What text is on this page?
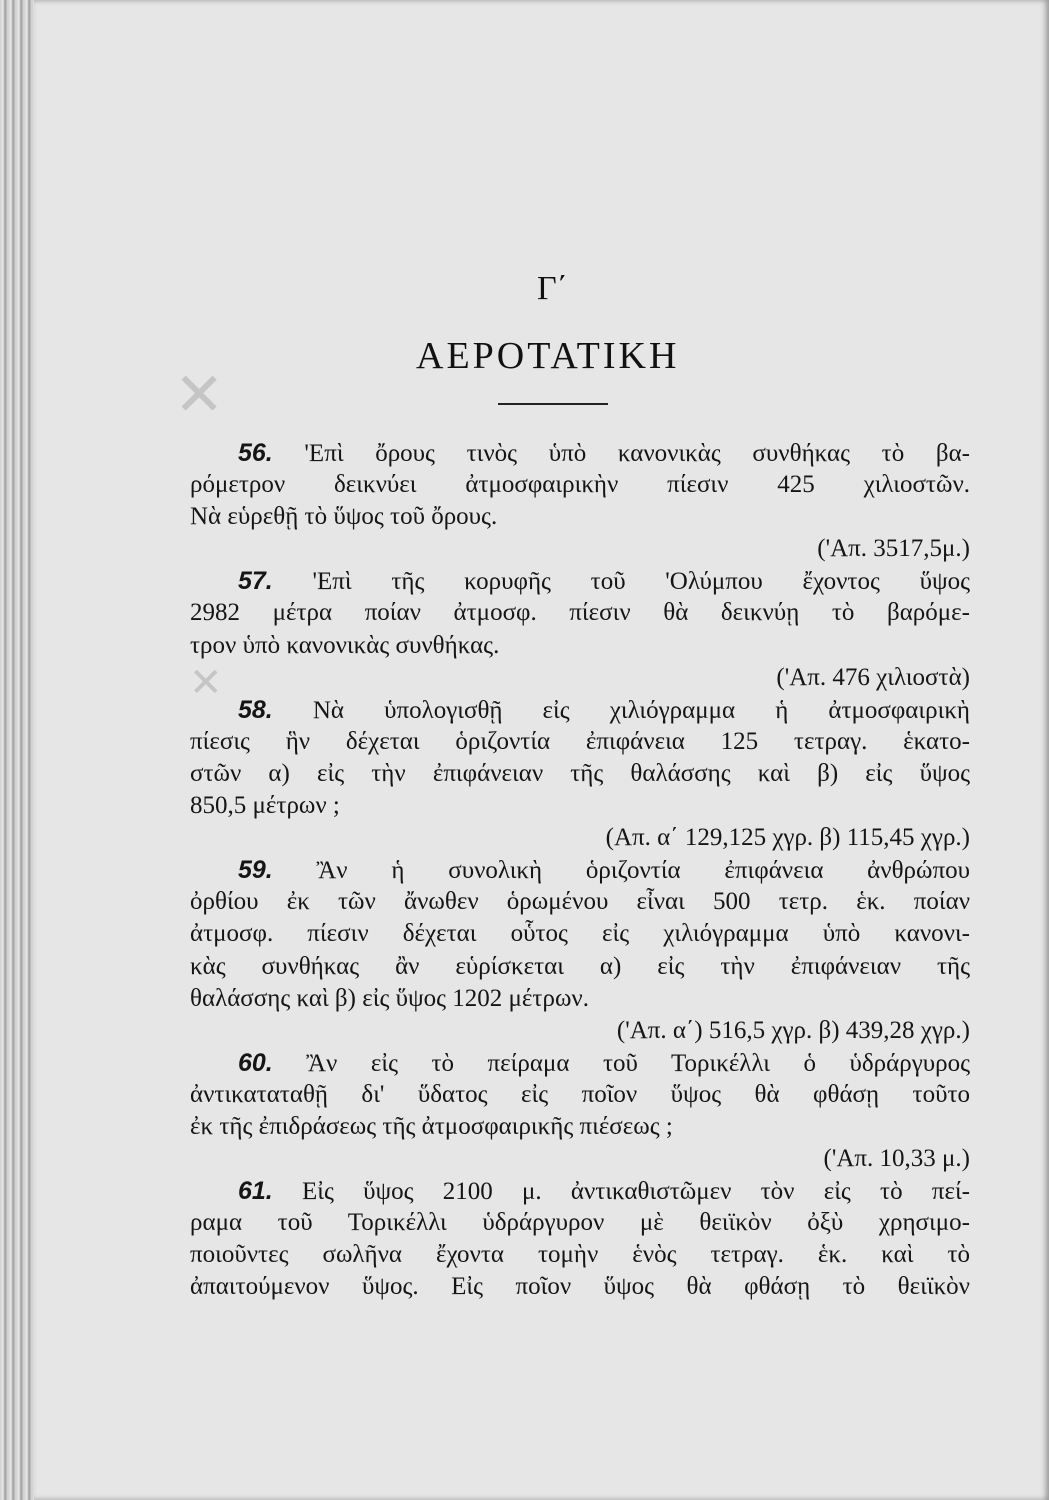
✕
✕
Γ΄
ΑΕΡΟΤΑΤΙΚΗ
56. 'Επὶ ὄρους τινὸς ὑπὸ κανονικὰς συνθήκας τὸ βα-
ρόμετρον δεικνύει ἀτμοσφαιρικὴν πίεσιν 425 χιλιοστῶν.
Νὰ εὑρεθῇ τὸ ὕψος τοῦ ὄρους.
('Απ. 3517,5μ.)
57. 'Επὶ τῆς κορυφῆς τοῦ 'Ολύμπου ἔχοντος ὕψος
2982 μέτρα ποίαν ἀτμοσφ. πίεσιν θὰ δεικνύῃ τὸ βαρόμε-
τρον ὑπὸ κανονικὰς συνθήκας.
('Απ. 476 χιλιοστὰ)
58. Νὰ ὑπολογισθῇ εἰς χιλιόγραμμα ἡ ἀτμοσφαιρικὴ
πίεσις ἣν δέχεται ὁριζοντία ἐπιφάνεια 125 τετραγ. ἑκατο-
στῶν α) εἰς τὴν ἐπιφάνειαν τῆς θαλάσσης καὶ β) εἰς ὕψος
850,5 μέτρων ;
(Απ. α΄ 129,125 χγρ. β) 115,45 χγρ.)
59. Ἂν ἡ συνολικὴ ὁριζοντία ἐπιφάνεια ἀνθρώπου
ὀρθίου ἐκ τῶν ἄνωθεν ὁρωμένου εἶναι 500 τετρ. ἑκ. ποίαν
ἀτμοσφ. πίεσιν δέχεται οὗτος εἰς χιλιόγραμμα ὑπὸ κανονι-
κὰς συνθήκας ἂν εὑρίσκεται α) εἰς τὴν ἐπιφάνειαν τῆς
θαλάσσης καὶ β) εἰς ὕψος 1202 μέτρων.
('Απ. α΄) 516,5 χγρ. β) 439,28 χγρ.)
60. Ἂν εἰς τὸ πείραμα τοῦ Τορικέλλι ὁ ὑδράργυρος
ἀντικαταταθῇ δι' ὕδατος εἰς ποῖον ὕψος θὰ φθάσῃ τοῦτο
ἐκ τῆς ἐπιδράσεως τῆς ἀτμοσφαιρικῆς πιέσεως ;
('Απ. 10,33 μ.)
61. Εἰς ὕψος 2100 μ. ἀντικαθιστῶμεν τὸν εἰς τὸ πεί-
ραμα τοῦ Τορικέλλι ὑδράργυρον μὲ θειϊκὸν ὀξὺ χρησιμο-
ποιοῦντες σωλῆνα ἔχοντα τομὴν ἑνὸς τετραγ. ἑκ. καὶ τὸ
ἀπαιτούμενον ὕψος. Εἰς ποῖον ὕψος θὰ φθάσῃ τὸ θειϊκὸν
